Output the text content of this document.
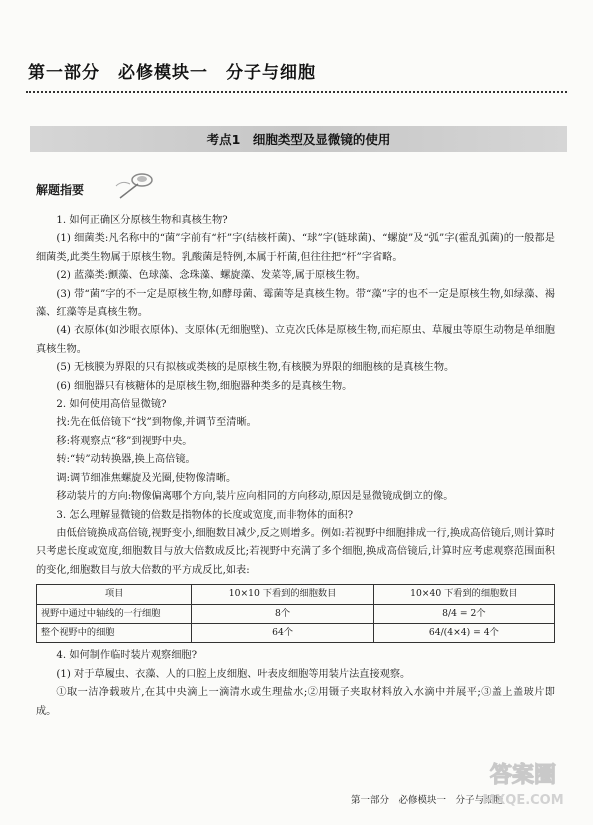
第一部分　必修模块一　分子与细胞
考点1　细胞类型及显微镜的使用
解题指要

1. 如何正确区分原核生物和真核生物?

(1) 细菌类:凡名称中的“菌”字前有“杆”字(结核杆菌)、“球”字(链球菌)、“螺旋”及“弧”字(霍乱弧菌)的一般都是细菌类,此类生物属于原核生物。乳酸菌是特例,本属于杆菌,但往往把“杆”字省略。

(2) 蓝藻类:颤藻、色球藻、念珠藻、螺旋藻、发菜等,属于原核生物。

(3) 带“菌”字的不一定是原核生物,如酵母菌、霉菌等是真核生物。带“藻”字的也不一定是原核生物,如绿藻、褐藻、红藻等是真核生物。

(4) 衣原体(如沙眼衣原体)、支原体(无细胞壁)、立克次氏体是原核生物,而疟原虫、草履虫等原生动物是单细胞真核生物。

(5) 无核膜为界限的只有拟核或类核的是原核生物,有核膜为界限的细胞核的是真核生物。

(6) 细胞器只有核糖体的是原核生物,细胞器种类多的是真核生物。

2. 如何使用高倍显微镜?

找:先在低倍镜下“找”到物像,并调节至清晰。

移:将观察点“移”到视野中央。

转:“转”动转换器,换上高倍镜。

调:调节细准焦螺旋及光圈,使物像清晰。

移动装片的方向:物像偏离哪个方向,装片应向相同的方向移动,原因是显微镜成倒立的像。

3. 怎么理解显微镜的倍数是指物体的长度或宽度,而非物体的面积?

由低倍镜换成高倍镜,视野变小,细胞数目减少,反之则增多。例如:若视野中细胞排成一行,换成高倍镜后,则计算时只考虑长度或宽度,细胞数目与放大倍数成反比;若视野中充满了多个细胞,换成高倍镜后,计算时应考虑观察范围面积的变化,细胞数目与放大倍数的平方成反比,如表:

项目	10×10 下看到的细胞数目	10×40 下看到的细胞数目
视野中通过中轴线的一行细胞	8个	8/4 = 2个
整个视野中的细胞	64个	64/(4×4) = 4个

4. 如何制作临时装片观察细胞?

(1) 对于草履虫、衣藻、人的口腔上皮细胞、叶表皮细胞等用装片法直接观察。

①取一洁净载玻片,在其中央滴上一滴清水或生理盐水;②用镊子夹取材料放入水滴中并展平;③盖上盖玻片即成。

第一部分　必修模块一　分子与细胞
答案圈
MXQE.COM
